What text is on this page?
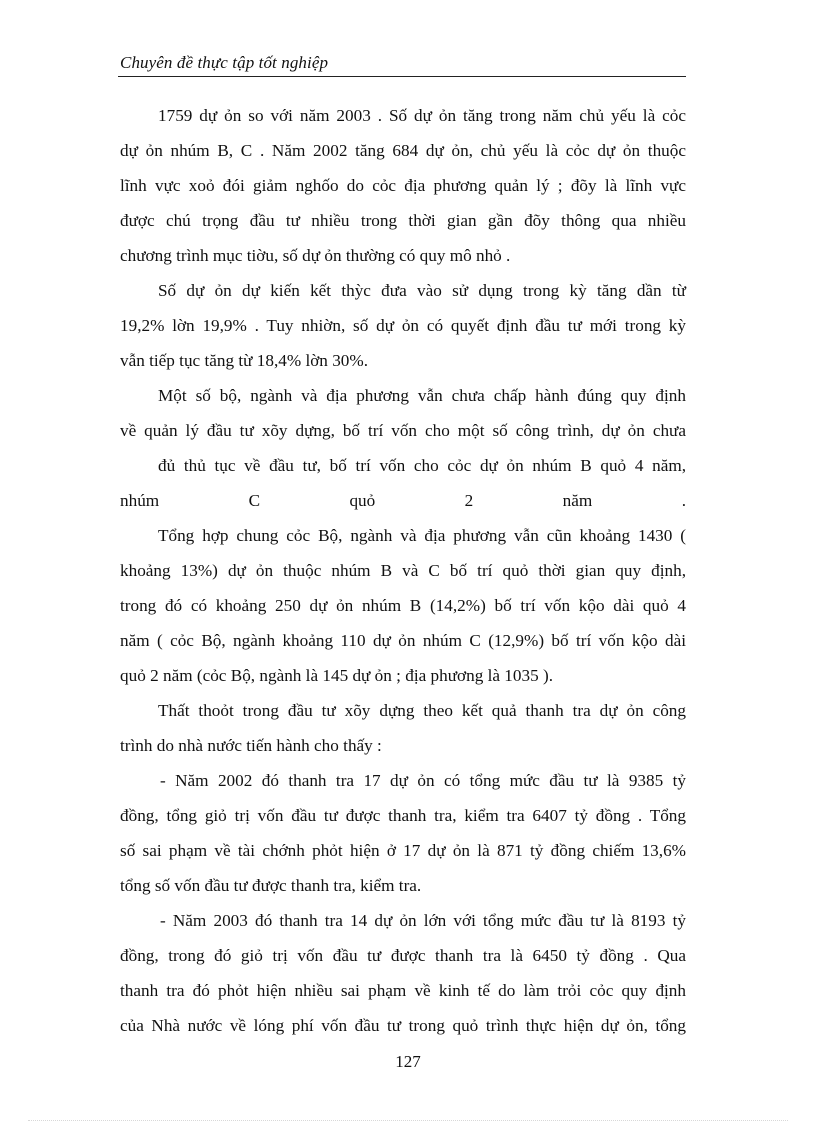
Chuyên đề thực tập tốt nghiệp
1759 dự ỏn so với năm 2003 . Số dự ỏn tăng trong năm chủ yếu là cỏc
dự ỏn nhúm B, C . Năm 2002 tăng 684 dự ỏn, chủ yếu là cỏc dự ỏn thuộc
lĩnh vực xoỏ đói giảm nghốo do cỏc địa phương quản lý ; đõy là lĩnh vực
được chú trọng đầu tư nhiều trong thời gian gần đõy thông qua nhiều
chương trình mục tiờu, số dự ỏn thường có quy mô nhỏ .
Số dự ỏn dự kiến kết thỳc đưa vào sử dụng trong kỳ tăng dần từ
19,2% lờn 19,9% . Tuy nhiờn, số dự ỏn có quyết định đầu tư mới trong kỳ
vẫn tiếp tục tăng từ 18,4% lờn 30%.
Một số bộ, ngành và địa phương vẫn chưa chấp hành đúng quy định
về quản lý đầu tư xõy dựng, bố trí vốn cho một số công trình, dự ỏn chưa
đủ thủ tục về đầu tư, bố trí vốn cho cỏc dự ỏn nhúm B quỏ 4 năm,
nhúm C quỏ 2 năm .
Tổng hợp chung cỏc Bộ, ngành và địa phương vẫn cũn khoảng 1430 (
khoảng 13%) dự ỏn thuộc nhúm B và C bố trí quỏ thời gian quy định,
trong đó có khoảng 250 dự ỏn nhúm B (14,2%) bố trí vốn kộo dài quỏ 4
năm ( cỏc Bộ, ngành khoảng 110 dự ỏn nhúm C (12,9%) bố trí vốn kộo dài
quỏ 2 năm (cỏc Bộ, ngành là 145 dự ỏn ; địa phương là 1035 ).
Thất thoỏt trong đầu tư xõy dựng theo kết quả thanh tra dự ỏn công
trình do nhà nước tiến hành cho thấy :
- Năm 2002 đó thanh tra 17 dự ỏn có tổng mức đầu tư là 9385 tỷ
đồng, tổng giỏ trị vốn đầu tư được thanh tra, kiểm tra 6407 tỷ đồng . Tổng
số sai phạm về tài chớnh phỏt hiện ở 17 dự ỏn là 871 tỷ đồng chiếm 13,6%
tổng số vốn đầu tư được thanh tra, kiểm tra.
- Năm 2003 đó thanh tra 14 dự ỏn lớn với tổng mức đầu tư là 8193 tỷ
đồng, trong đó giỏ trị vốn đầu tư được thanh tra là 6450 tỷ đồng . Qua
thanh tra đó phỏt hiện nhiều sai phạm về kinh tế do làm trỏi cỏc quy định
của Nhà nước về lóng phí vốn đầu tư trong quỏ trình thực hiện dự ỏn, tổng
127
